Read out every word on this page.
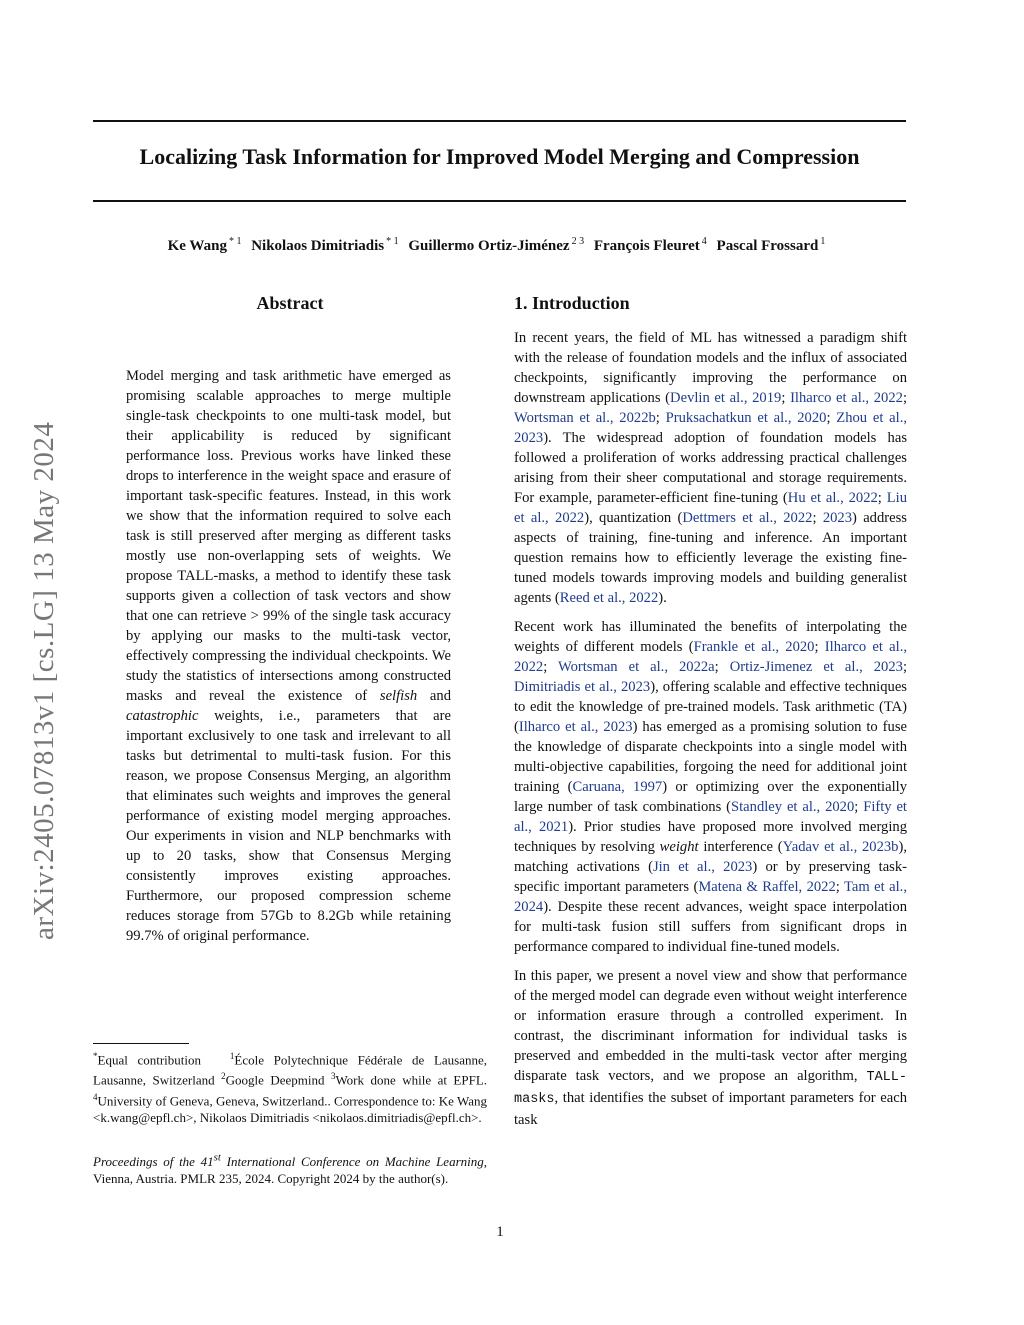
Localizing Task Information for Improved Model Merging and Compression
Ke Wang $^{* 1}$ Nikolaos Dimitriadis $^{* 1}$ Guillermo Ortiz-Jiménez $^{2 3}$ François Fleuret $^4$ Pascal Frossard $^1$
arXiv:2405.07813v1 [cs.LG] 13 May 2024
Abstract
Model merging and task arithmetic have emerged as promising scalable approaches to merge multiple single-task checkpoints to one multi-task model, but their applicability is reduced by significant performance loss. Previous works have linked these drops to interference in the weight space and erasure of important task-specific features. Instead, in this work we show that the information required to solve each task is still preserved after merging as different tasks mostly use non-overlapping sets of weights. We propose TALL-masks, a method to identify these task supports given a collection of task vectors and show that one can retrieve > 99% of the single task accuracy by applying our masks to the multi-task vector, effectively compressing the individual checkpoints. We study the statistics of intersections among constructed masks and reveal the existence of selfish and catastrophic weights, i.e., parameters that are important exclusively to one task and irrelevant to all tasks but detrimental to multi-task fusion. For this reason, we propose Consensus Merging, an algorithm that eliminates such weights and improves the general performance of existing model merging approaches. Our experiments in vision and NLP benchmarks with up to 20 tasks, show that Consensus Merging consistently improves existing approaches. Furthermore, our proposed compression scheme reduces storage from 57Gb to 8.2Gb while retaining 99.7% of original performance.
1. Introduction

In recent years, the field of ML has witnessed a paradigm shift with the release of foundation models and the influx of associated checkpoints, significantly improving the performance on downstream applications (Devlin et al., 2019; Ilharco et al., 2022; Wortsman et al., 2022b; Pruksachatkun et al., 2020; Zhou et al., 2023). The widespread adoption of foundation models has followed a proliferation of works addressing practical challenges arising from their sheer computational and storage requirements. For example, parameter-efficient fine-tuning (Hu et al., 2022; Liu et al., 2022), quantization (Dettmers et al., 2022; 2023) address aspects of training, fine-tuning and inference. An important question remains how to efficiently leverage the existing fine-tuned models towards improving models and building generalist agents (Reed et al., 2022).

Recent work has illuminated the benefits of interpolating the weights of different models (Frankle et al., 2020; Ilharco et al., 2022; Wortsman et al., 2022a; Ortiz-Jimenez et al., 2023; Dimitriadis et al., 2023), offering scalable and effective techniques to edit the knowledge of pre-trained models. Task arithmetic (TA) (Ilharco et al., 2023) has emerged as a promising solution to fuse the knowledge of disparate checkpoints into a single model with multi-objective capabilities, forgoing the need for additional joint training (Caruana, 1997) or optimizing over the exponentially large number of task combinations (Standley et al., 2020; Fifty et al., 2021). Prior studies have proposed more involved merging techniques by resolving weight interference (Yadav et al., 2023b), matching activations (Jin et al., 2023) or by preserving task-specific important parameters (Matena & Raffel, 2022; Tam et al., 2024). Despite these recent advances, weight space interpolation for multi-task fusion still suffers from significant drops in performance compared to individual fine-tuned models.

In this paper, we present a novel view and show that performance of the merged model can degrade even without weight interference or information erasure through a controlled experiment. In contrast, the discriminant information for individual tasks is preserved and embedded in the multi-task vector after merging disparate task vectors, and we propose an algorithm, TALL-masks, that identifies the subset of important parameters for each task

*Equal contribution	$^1$École Polytechnique Fédérale de Lausanne, Lausanne, Switzerland $^2$Google Deepmind $^3$Work done while at EPFL. $^4$University of Geneva, Geneva, Switzerland.. Correspondence to: Ke Wang <k.wang@epfl.ch>, Nikolaos Dimitriadis <nikolaos.dimitriadis@epfl.ch>.

Proceedings of the 41st International Conference on Machine Learning, Vienna, Austria. PMLR 235, 2024. Copyright 2024 by the author(s).
1
